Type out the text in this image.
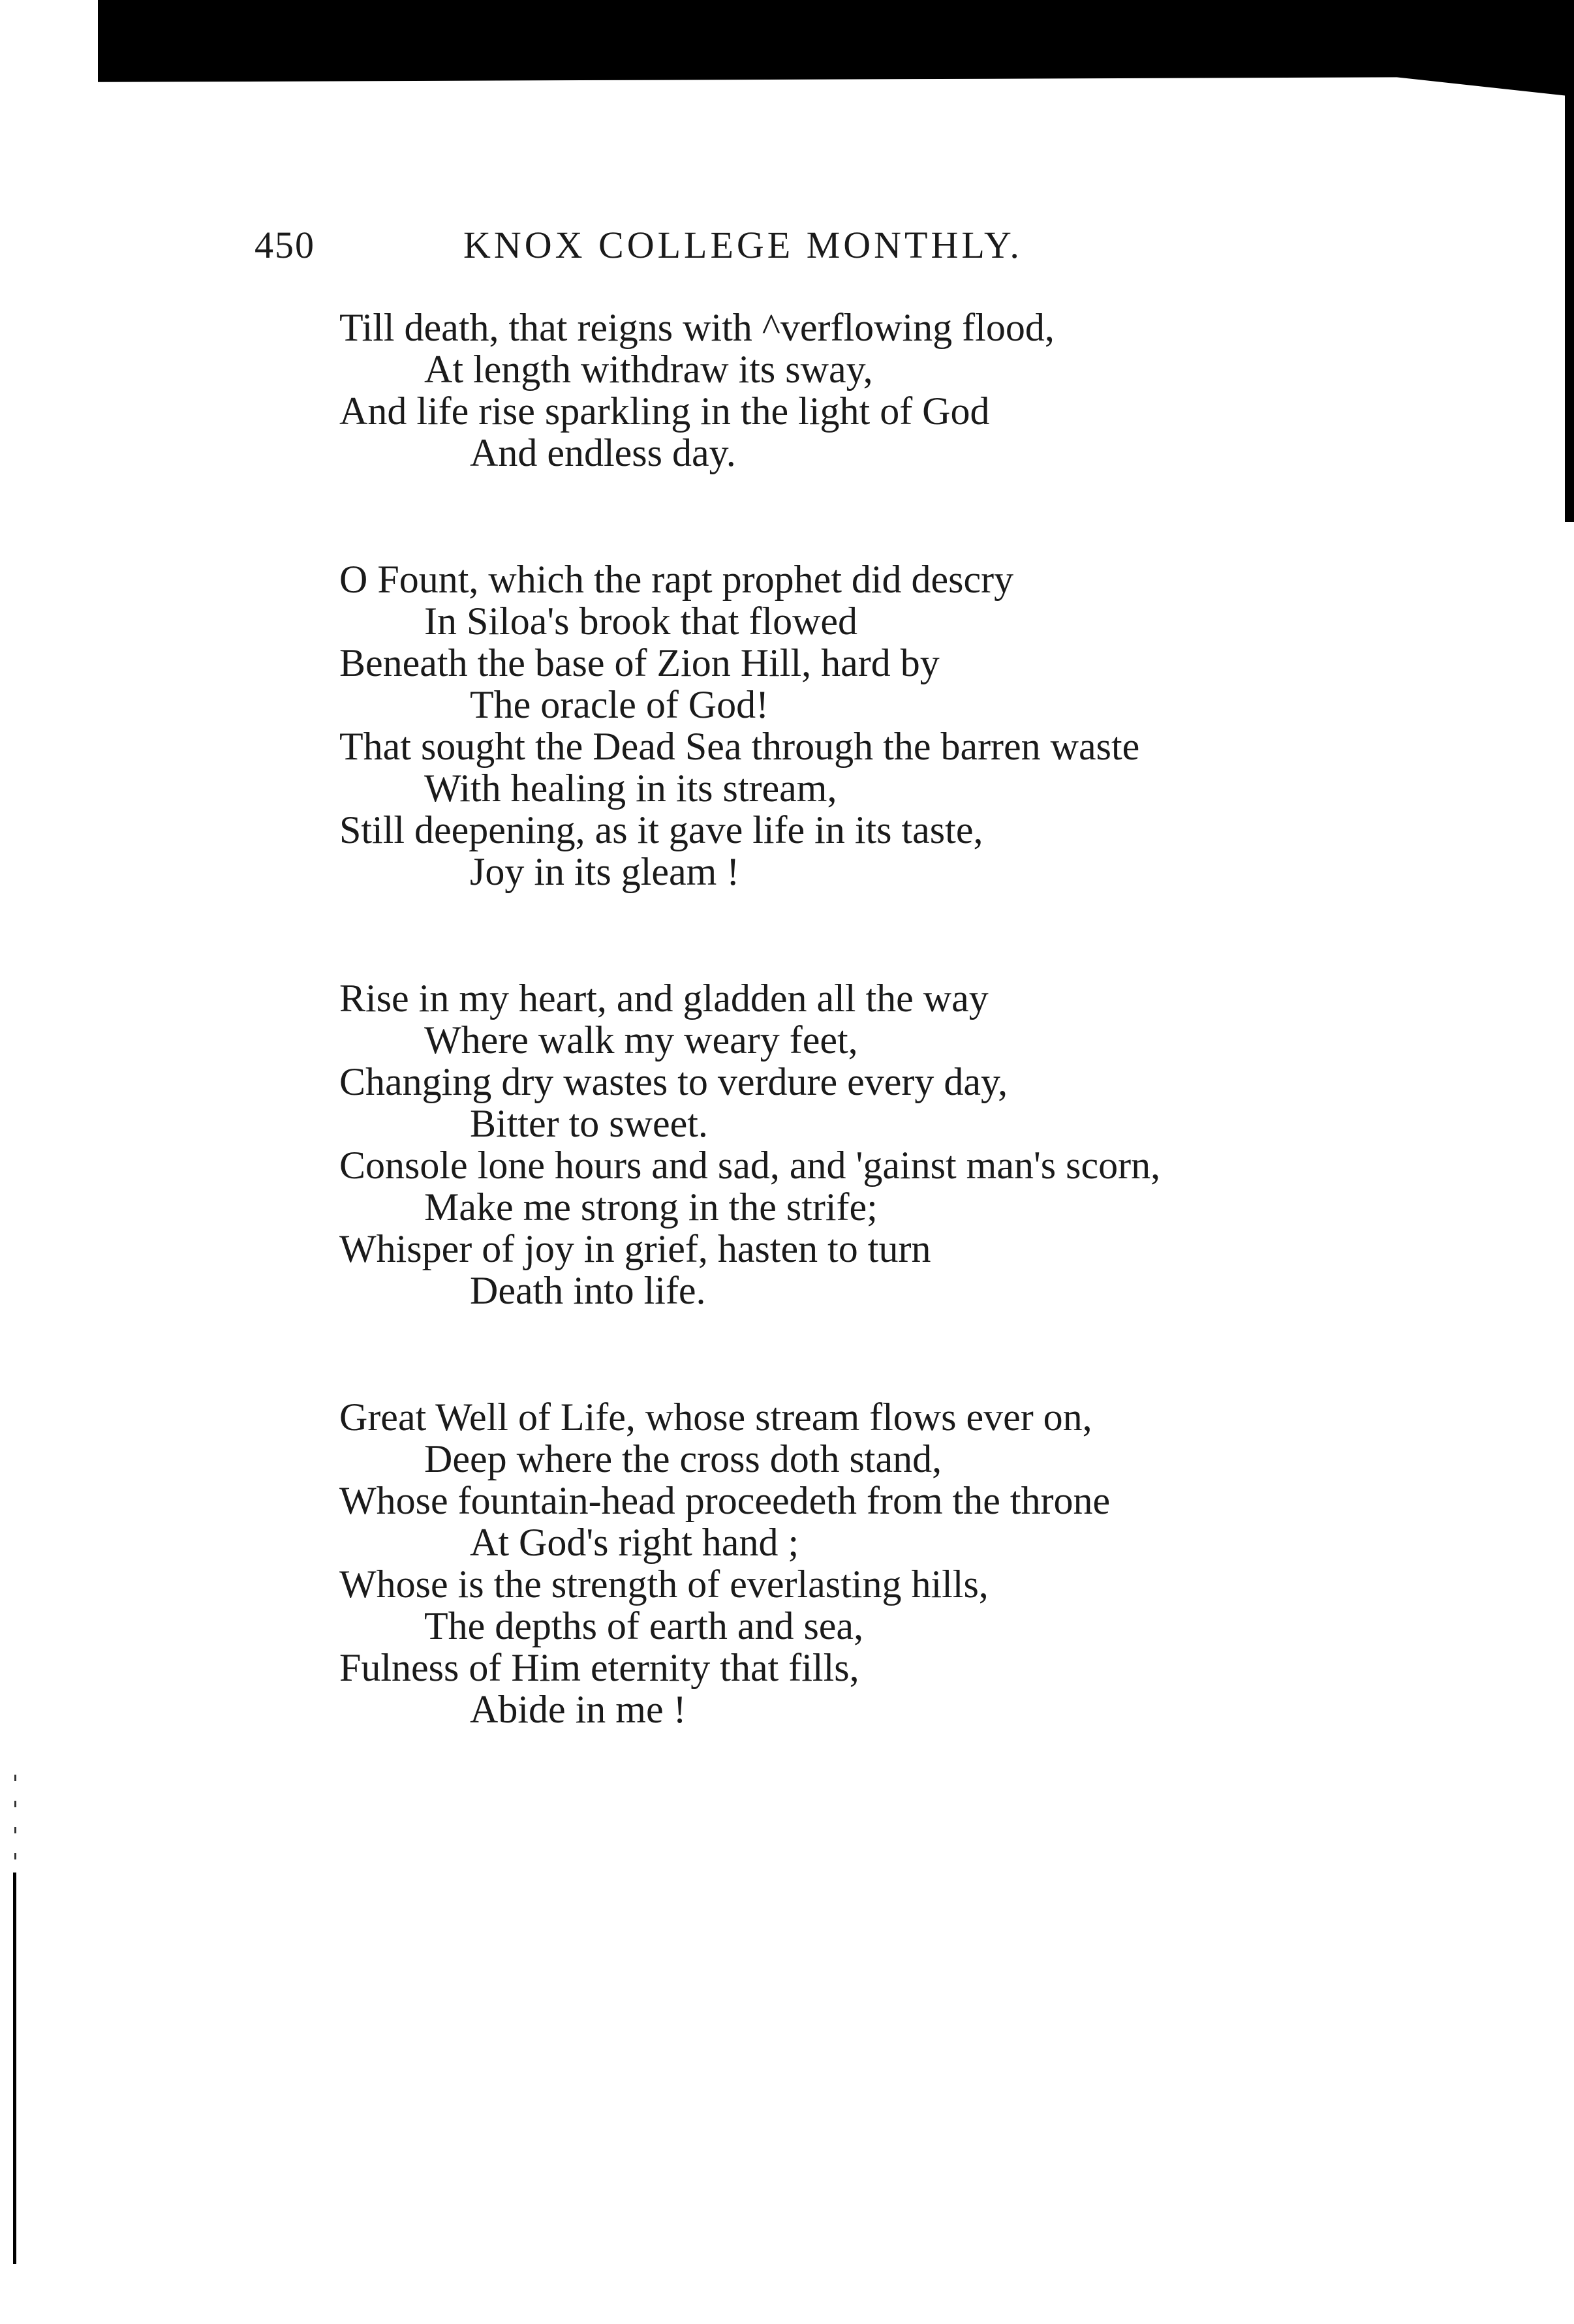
450	KNOX COLLEGE MONTHLY.
Till death, that reigns with ^verflowing flood,
At length withdraw its sway,
And life rise sparkling in the light of God
And endless day.
O Fount, which the rapt prophet did descry
In Siloa's brook that flowed
Beneath the base of Zion Hill, hard by
The oracle of God!
That sought the Dead Sea through the barren waste
With healing in its stream,
Still deepening, as it gave life in its taste,
Joy in its gleam !
Rise in my heart, and gladden all the way
Where walk my weary feet,
Changing dry wastes to verdure every day,
Bitter to sweet.
Console lone hours and sad, and 'gainst man's scorn,
Make me strong in the strife;
Whisper of joy in grief, hasten to turn
Death into life.
Great Well of Life, whose stream flows ever on,
Deep where the cross doth stand,
Whose fountain-head proceedeth from the throne
At God's right hand ;
Whose is the strength of everlasting hills,
The depths of earth and sea,
Fulness of Him eternity that fills,
Abide in me !
